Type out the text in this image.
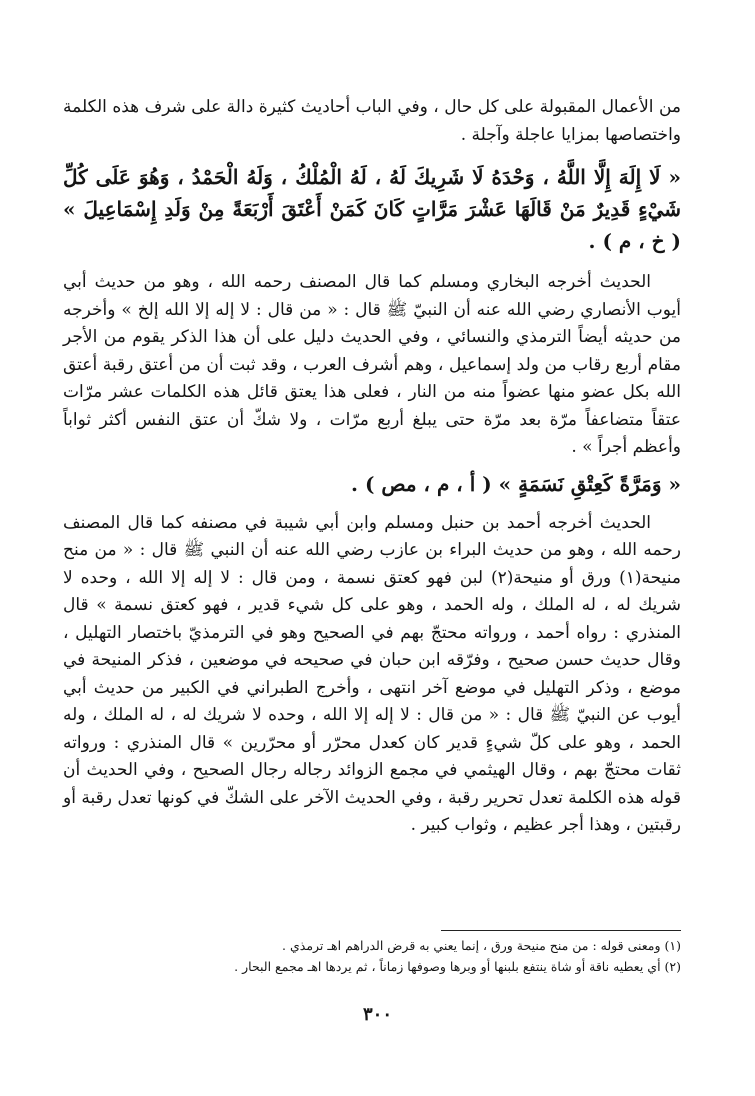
من الأعمال المقبولة على كل حال ، وفي الباب أحاديث كثيرة دالة على شرف هذه الكلمة واختصاصها بمزايا عاجلة وآجلة .

« لَا إِلَهَ إِلَّا اللَّهُ ، وَحْدَهُ لَا شَرِيكَ لَهُ ، لَهُ الْمُلْكُ ، وَلَهُ الْحَمْدُ ، وَهُوَ عَلَى كُلِّ شَيْءٍ قَدِيرٌ مَنْ قَالَهَا عَشْرَ مَرَّاتٍ كَانَ كَمَنْ أَعْتَقَ أَرْبَعَةً مِنْ وَلَدِ إِسْمَاعِيلَ » ( خ ، م ) .

الحديث أخرجه البخاري ومسلم كما قال المصنف رحمه الله ، وهو من حديث أبي أيوب الأنصاري رضي الله عنه أن النبيّ ﷺ قال : « من قال : لا إله إلا الله إلخ » وأخرجه من حديثه أيضاً الترمذي والنسائي ، وفي الحديث دليل على أن هذا الذكر يقوم من الأجر مقام أربع رقاب من ولد إسماعيل ، وهم أشرف العرب ، وقد ثبت أن من أعتق رقبة أعتق الله بكل عضو منها عضواً منه من النار ، فعلى هذا يعتق قائل هذه الكلمات عشر مرّات عتقاً متضاعفاً مرّة بعد مرّة حتى يبلغ أربع مرّات ، ولا شكّ أن عتق النفس أكثر ثواباً وأعظم أجراً » .

« وَمَرَّةً كَعِتْقِ نَسَمَةٍ » ( أ ، م ، مص ) .

الحديث أخرجه أحمد بن حنبل ومسلم وابن أبي شيبة في مصنفه كما قال المصنف رحمه الله ، وهو من حديث البراء بن عازب رضي الله عنه أن النبي ﷺ قال : « من منح منيحة(١) ورق أو منيحة(٢) لبن فهو كعتق نسمة ، ومن قال : لا إله إلا الله ، وحده لا شريك له ، له الملك ، وله الحمد ، وهو على كل شيء قدير ، فهو كعتق نسمة » قال المنذري : رواه أحمد ، ورواته محتجّ بهم في الصحيح وهو في الترمذيّ باختصار التهليل ، وقال حديث حسن صحيح ، وفرّقه ابن حبان في صحيحه في موضعين ، فذكر المنيحة في موضع ، وذكر التهليل في موضع آخر انتهى ، وأخرج الطبراني في الكبير من حديث أبي أيوب عن النبيّ ﷺ قال : « من قال : لا إله إلا الله ، وحده لا شريك له ، له الملك ، وله الحمد ، وهو على كلّ شيءٍ قدير كان كعدل محرّر أو محرّرين » قال المنذري : ورواته ثقات محتجّ بهم ، وقال الهيثمي في مجمع الزوائد رجاله رجال الصحيح ، وفي الحديث أن قوله هذه الكلمة تعدل تحرير رقبة ، وفي الحديث الآخر على الشكّ في كونها تعدل رقبة أو رقبتين ، وهذا أجر عظيم ، وثواب كبير .

(١) ومعنى قوله : من منح منيحة ورق ، إنما يعني به قرض الدراهم اهـ ترمذي .

(٢) أي يعطيه ناقة أو شاة ينتفع بلبنها أو وبرها وصوفها زماناً ، ثم يردها اهـ مجمع البحار .

٣٠٠
